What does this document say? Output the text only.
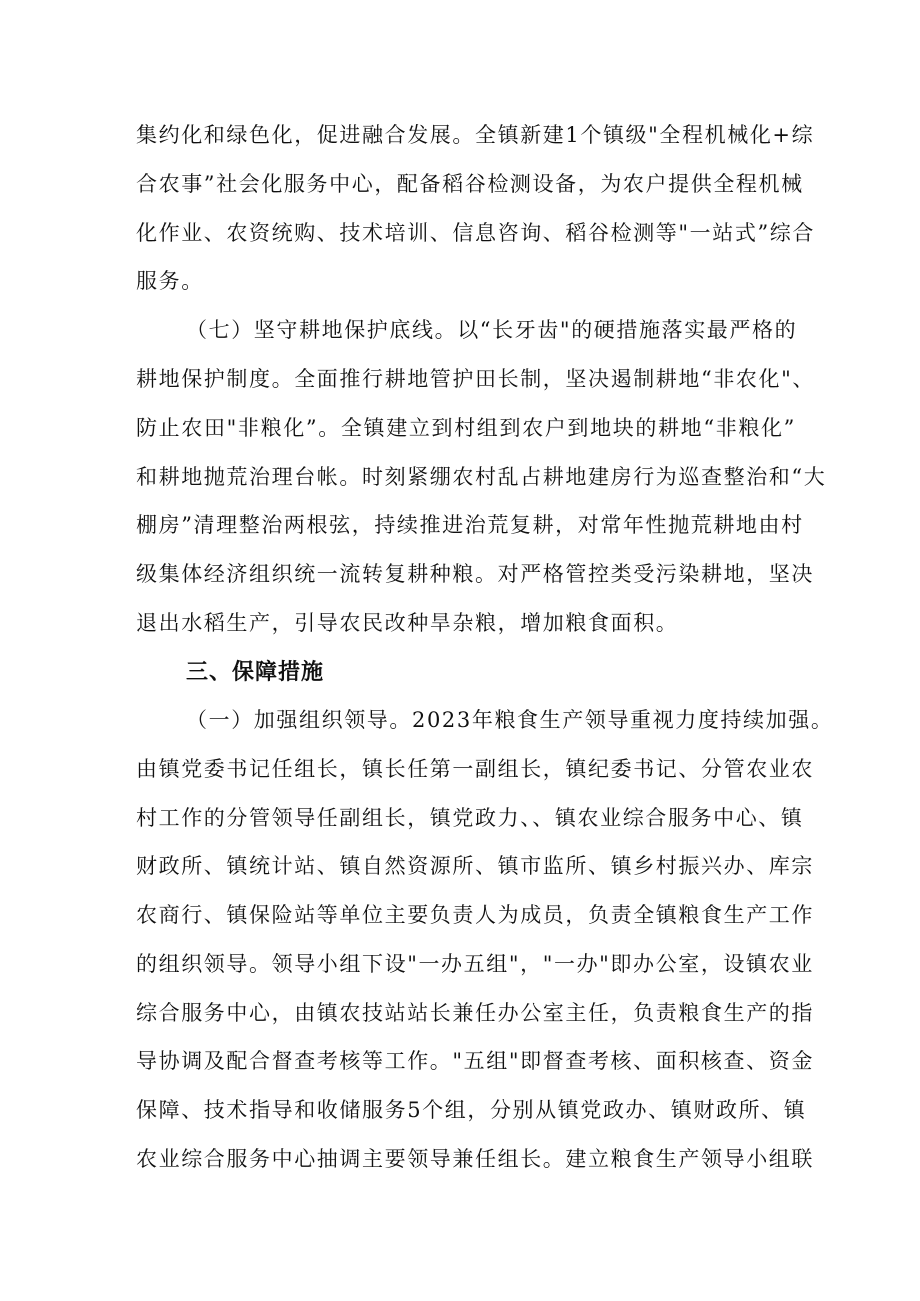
集约化和绿色化，促进融合发展。全镇新建1个镇级"全程机械化+综
合农事”社会化服务中心，配备稻谷检测设备，为农户提供全程机械
化作业、农资统购、技术培训、信息咨询、稻谷检测等"一站式”综合
服务。
（七）坚守耕地保护底线。以“长牙齿"的硬措施落实最严格的
耕地保护制度。全面推行耕地管护田长制，坚决遏制耕地“非农化"、
防止农田"非粮化”。全镇建立到村组到农户到地块的耕地“非粮化”
和耕地抛荒治理台帐。时刻紧绷农村乱占耕地建房行为巡查整治和“大
棚房”清理整治两根弦，持续推进治荒复耕，对常年性抛荒耕地由村
级集体经济组织统一流转复耕种粮。对严格管控类受污染耕地，坚决
退出水稻生产，引导农民改种旱杂粮，增加粮食面积。
三、保障措施
（一）加强组织领导。2023年粮食生产领导重视力度持续加强。
由镇党委书记任组长，镇长任第一副组长，镇纪委书记、分管农业农
村工作的分管领导任副组长，镇党政力、、镇农业综合服务中心、镇
财政所、镇统计站、镇自然资源所、镇市监所、镇乡村振兴办、库宗
农商行、镇保险站等单位主要负责人为成员，负责全镇粮食生产工作
的组织领导。领导小组下设"一办五组"，"一办"即办公室，设镇农业
综合服务中心，由镇农技站站长兼任办公室主任，负责粮食生产的指
导协调及配合督查考核等工作。"五组"即督查考核、面积核查、资金
保障、技术指导和收储服务5个组，分别从镇党政办、镇财政所、镇
农业综合服务中心抽调主要领导兼任组长。建立粮食生产领导小组联
